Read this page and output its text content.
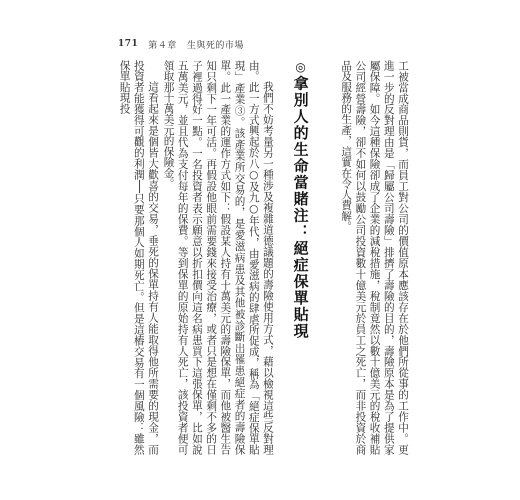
171 第４章 生與死的市場
工被當成商品則貨，而員工對公司的價值原本應該存在於他們所從事的工作中。更進一步的反對理由是「歸屬公司壽險」排擠了壽險的目的，壽險原本是為了提供家屬保障。如今這種保險卻成了企業的減稅措施，稅制竟然以數十億美元的稅收補貼公司經營壽險，卻不如何以鼓勵公司投資數十億美元於員工之死亡，而非投資於商品及服務的生產，這實在令人費解。
◎拿別人的生命當賭注：絕症保單貼現
我們不妨考量另一種涉及複雜道德議題的壽險使用方式，藉以檢視這些反對理由。此一方式興起於八○及九○年代，由愛滋病的肆虐所促成，稱為「絕症保單貼現」產業③。該產業所交易的，是愛滋病患及其他被診斷出罹患絕症者的壽險保單。此一產業的運作方式如下：假設某人持有十萬美元的壽險保單，而他被醫生告知只剩下一年可活。再假設他眼前需要錢來接受治療，或者只是想在僅剩不多的日子裡過得好一點。一名投資者表示願意以折扣價向這名病患買下這張保單，比如說五萬美元，並且代為支付每年的保費。等到保單的原始持有人死亡，該投資者便可領取那十萬美元的保險金。
這看起來是個皆大歡喜的交易，垂死的保單持有人能取得他所需要的現金，而投資者能獲得可觀的利潤──只要那個人如期死亡。但是這樁交易有一個風險：雖然保單貼現投
